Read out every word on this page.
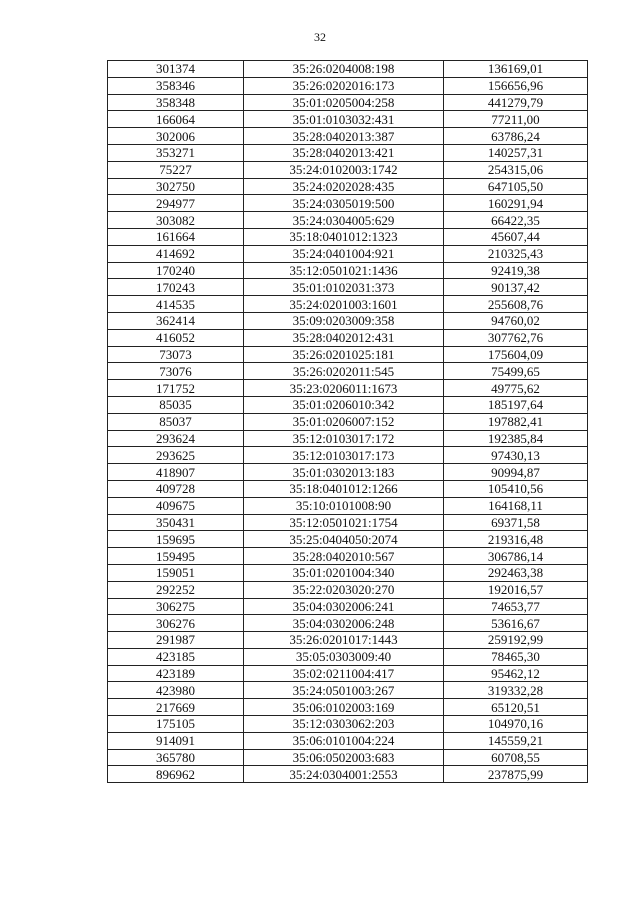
32
301374	35:26:0204008:198	136169,01
358346	35:26:0202016:173	156656,96
358348	35:01:0205004:258	441279,79
166064	35:01:0103032:431	77211,00
302006	35:28:0402013:387	63786,24
353271	35:28:0402013:421	140257,31
75227	35:24:0102003:1742	254315,06
302750	35:24:0202028:435	647105,50
294977	35:24:0305019:500	160291,94
303082	35:24:0304005:629	66422,35
161664	35:18:0401012:1323	45607,44
414692	35:24:0401004:921	210325,43
170240	35:12:0501021:1436	92419,38
170243	35:01:0102031:373	90137,42
414535	35:24:0201003:1601	255608,76
362414	35:09:0203009:358	94760,02
416052	35:28:0402012:431	307762,76
73073	35:26:0201025:181	175604,09
73076	35:26:0202011:545	75499,65
171752	35:23:0206011:1673	49775,62
85035	35:01:0206010:342	185197,64
85037	35:01:0206007:152	197882,41
293624	35:12:0103017:172	192385,84
293625	35:12:0103017:173	97430,13
418907	35:01:0302013:183	90994,87
409728	35:18:0401012:1266	105410,56
409675	35:10:0101008:90	164168,11
350431	35:12:0501021:1754	69371,58
159695	35:25:0404050:2074	219316,48
159495	35:28:0402010:567	306786,14
159051	35:01:0201004:340	292463,38
292252	35:22:0203020:270	192016,57
306275	35:04:0302006:241	74653,77
306276	35:04:0302006:248	53616,67
291987	35:26:0201017:1443	259192,99
423185	35:05:0303009:40	78465,30
423189	35:02:0211004:417	95462,12
423980	35:24:0501003:267	319332,28
217669	35:06:0102003:169	65120,51
175105	35:12:0303062:203	104970,16
914091	35:06:0101004:224	145559,21
365780	35:06:0502003:683	60708,55
896962	35:24:0304001:2553	237875,99
